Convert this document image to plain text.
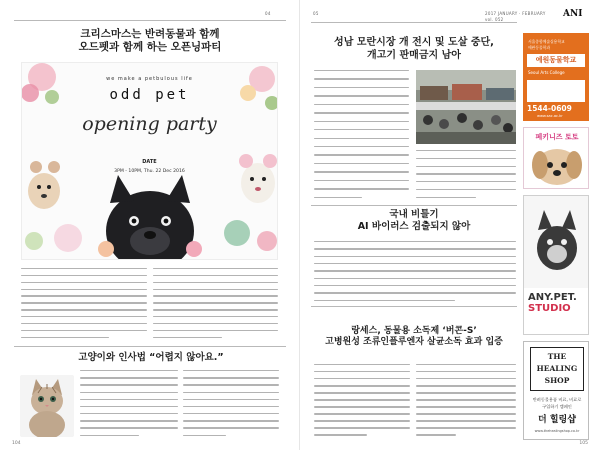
04
크리스마스는 반려동물과 함께
오드펫과 함께 하는 오픈닝파티
we make a petbulous life
odd pet
opening party
DATE
3PM - 10PM, Thu. 22 Dec 2016
고양이와 인사법 “어렵지 않아요.”
104
05	2017 JANUARY · FEBRUARY
vol. 052
ANI
성남 모란시장 개 전시 및 도살 중단,
개고기 판매금지 남아
국내 비틀기
AI 바이러스 검출되지 않아
랑세스, 동물용 소독제 ‘버콘-S’
고병원성 조류인플루엔자 살균소독 효과 입증
서울종합예술실용학교
애완동물학과
예원동물학교
Seoul Arts College
1544-0609
www.sac.ac.kr
페키니즈 토토
ANY.PET.
STUDIO
THE
HEALING
SHOP
반려동물용품 비료, 비료로
구입하기 캠페인
더 힐링샵
www.thehealingshop.co.kr
105
